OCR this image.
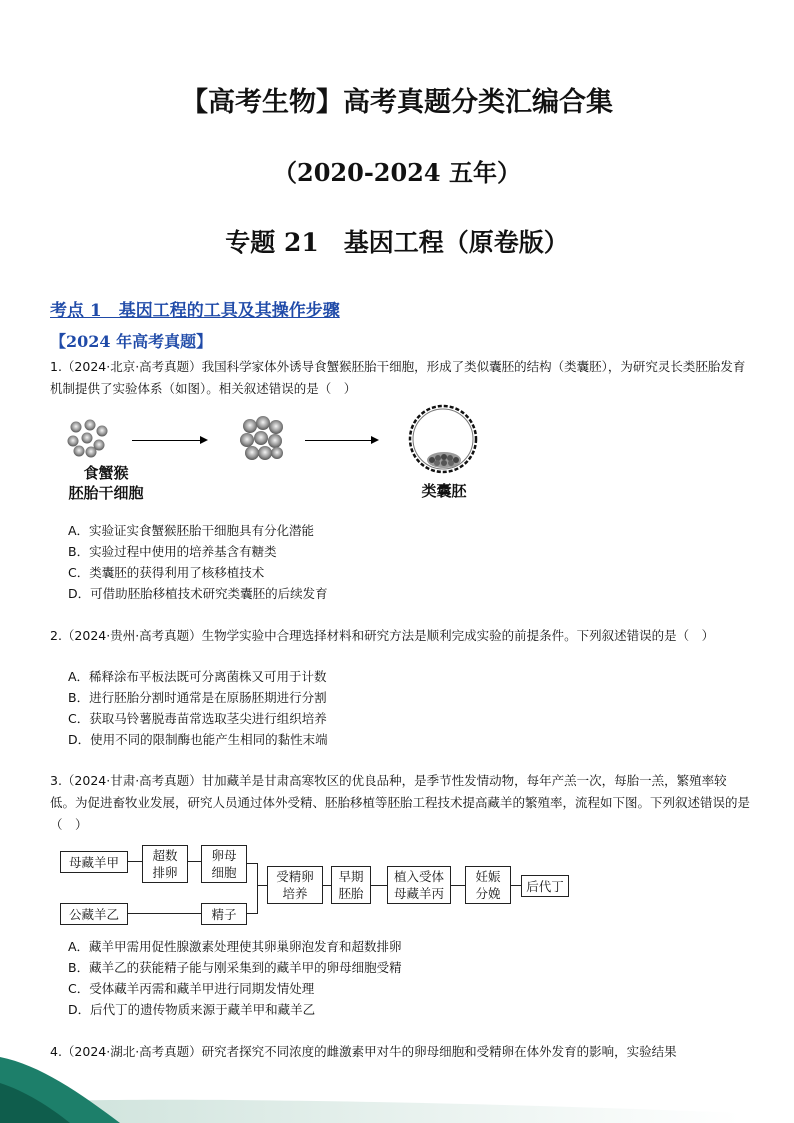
【高考生物】高考真题分类汇编合集
（2020-2024 五年）
专题 21　基因工程（原卷版）
考点 1　基因工程的工具及其操作步骤
【2024 年高考真题】
1.（2024·北京·高考真题）我国科学家体外诱导食蟹猴胚胎干细胞，形成了类似囊胚的结构（类囊胚），为研究灵长类胚胎发育机制提供了实验体系（如图）。相关叙述错误的是（　）
食蟹猴
胚胎干细胞	类囊胚
A．实验证实食蟹猴胚胎干细胞具有分化潜能
B．实验过程中使用的培养基含有糖类
C．类囊胚的获得利用了核移植技术
D．可借助胚胎移植技术研究类囊胚的后续发育
2.（2024·贵州·高考真题）生物学实验中合理选择材料和研究方法是顺利完成实验的前提条件。下列叙述错误的是（　）
A．稀释涂布平板法既可分离菌株又可用于计数
B．进行胚胎分割时通常是在原肠胚期进行分割
C．获取马铃薯脱毒苗常选取茎尖进行组织培养
D．使用不同的限制酶也能产生相同的黏性末端
3.（2024·甘肃·高考真题）甘加藏羊是甘肃高寒牧区的优良品种，是季节性发情动物，每年产羔一次，每胎一羔，繁殖率较低。为促进畜牧业发展，研究人员通过体外受精、胚胎移植等胚胎工程技术提高藏羊的繁殖率，流程如下图。下列叙述错误的是（　）
母藏羊甲	超数
排卵
卵母
细胞
公藏羊乙	精子
受精卵
培养
早期
胚胎
植入受体
母藏羊丙
妊娠
分娩	后代丁
A．藏羊甲需用促性腺激素处理使其卵巢卵泡发育和超数排卵
B．藏羊乙的获能精子能与刚采集到的藏羊甲的卵母细胞受精
C．受体藏羊丙需和藏羊甲进行同期发情处理
D．后代丁的遗传物质来源于藏羊甲和藏羊乙
4.（2024·湖北·高考真题）研究者探究不同浓度的雌激素甲对牛的卵母细胞和受精卵在体外发育的影响，实验结果
